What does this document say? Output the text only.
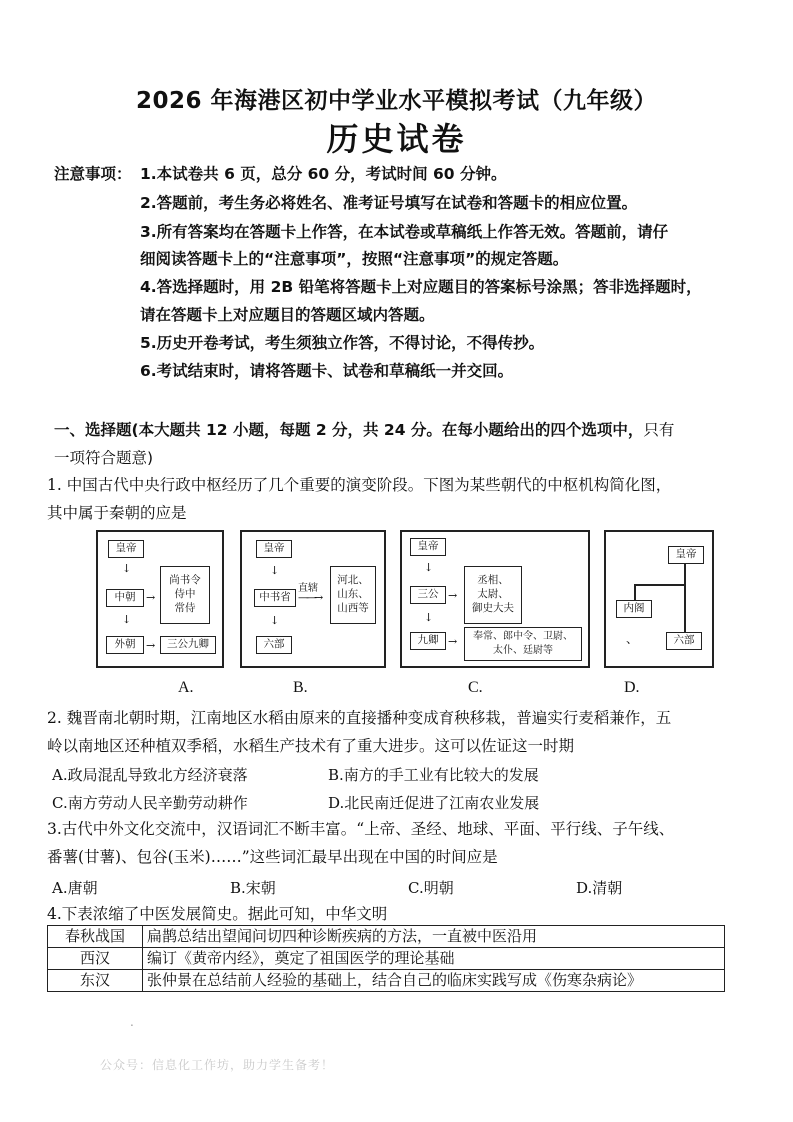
2026 年海港区初中学业水平模拟考试（九年级）
历史试卷
注意事项： 1.本试卷共 6 页，总分 60 分，考试时间 60 分钟。
2.答题前，考生务必将姓名、准考证号填写在试卷和答题卡的相应位置。
3.所有答案均在答题卡上作答，在本试卷或草稿纸上作答无效。答题前，请仔
细阅读答题卡上的“注意事项”，按照“注意事项”的规定答题。
4.答选择题时，用 2B 铅笔将答题卡上对应题目的答案标号涂黑；答非选择题时，
请在答题卡上对应题目的答题区域内答题。
5.历史开卷考试，考生须独立作答，不得讨论，不得传抄。
6.考试结束时，请将答题卡、试卷和草稿纸一并交回。
一、选择题(本大题共 12 小题，每题 2 分，共 24 分。在每小题给出的四个选项中，只有
一项符合题意)
1. 中国古代中央行政中枢经历了几个重要的演变阶段。下图为某些朝代的中枢机构简化图，
其中属于秦朝的应是
皇帝
↓
中朝 →
尚书令
侍中
常侍
↓
外朝 →	三公九卿
A.
皇帝
↓
中书省
直辖
——→
河北、
山东、
山西等
↓
六部
B.
皇帝
↓
三公 →
丞相、
太尉、
御史大夫
↓
九卿 →	奉常、郎中令、卫尉、
太仆、廷尉等
C.
皇帝
内阁
、	六部
D.
2. 魏晋南北朝时期，江南地区水稻由原来的直接播种变成育秧移栽，普遍实行麦稻兼作，五
岭以南地区还种植双季稻，水稻生产技术有了重大进步。这可以佐证这一时期
A.政局混乱导致北方经济衰落	B.南方的手工业有比较大的发展
C.南方劳动人民辛勤劳动耕作	D.北民南迁促进了江南农业发展
3.古代中外文化交流中，汉语词汇不断丰富。“上帝、圣经、地球、平面、平行线、子午线、
番薯(甘薯)、包谷(玉米)……”这些词汇最早出现在中国的时间应是
A.唐朝	B.宋朝	C.明朝	D.清朝
4.下表浓缩了中医发展简史。据此可知，中华文明
春秋战国	扁鹊总结出望闻问切四种诊断疾病的方法，一直被中医沿用
西汉	编订《黄帝内经》，奠定了祖国医学的理论基础
东汉	张仲景在总结前人经验的基础上，结合自己的临床实践写成《伤寒杂病论》
.
公众号：信息化工作坊，助力学生备考！
